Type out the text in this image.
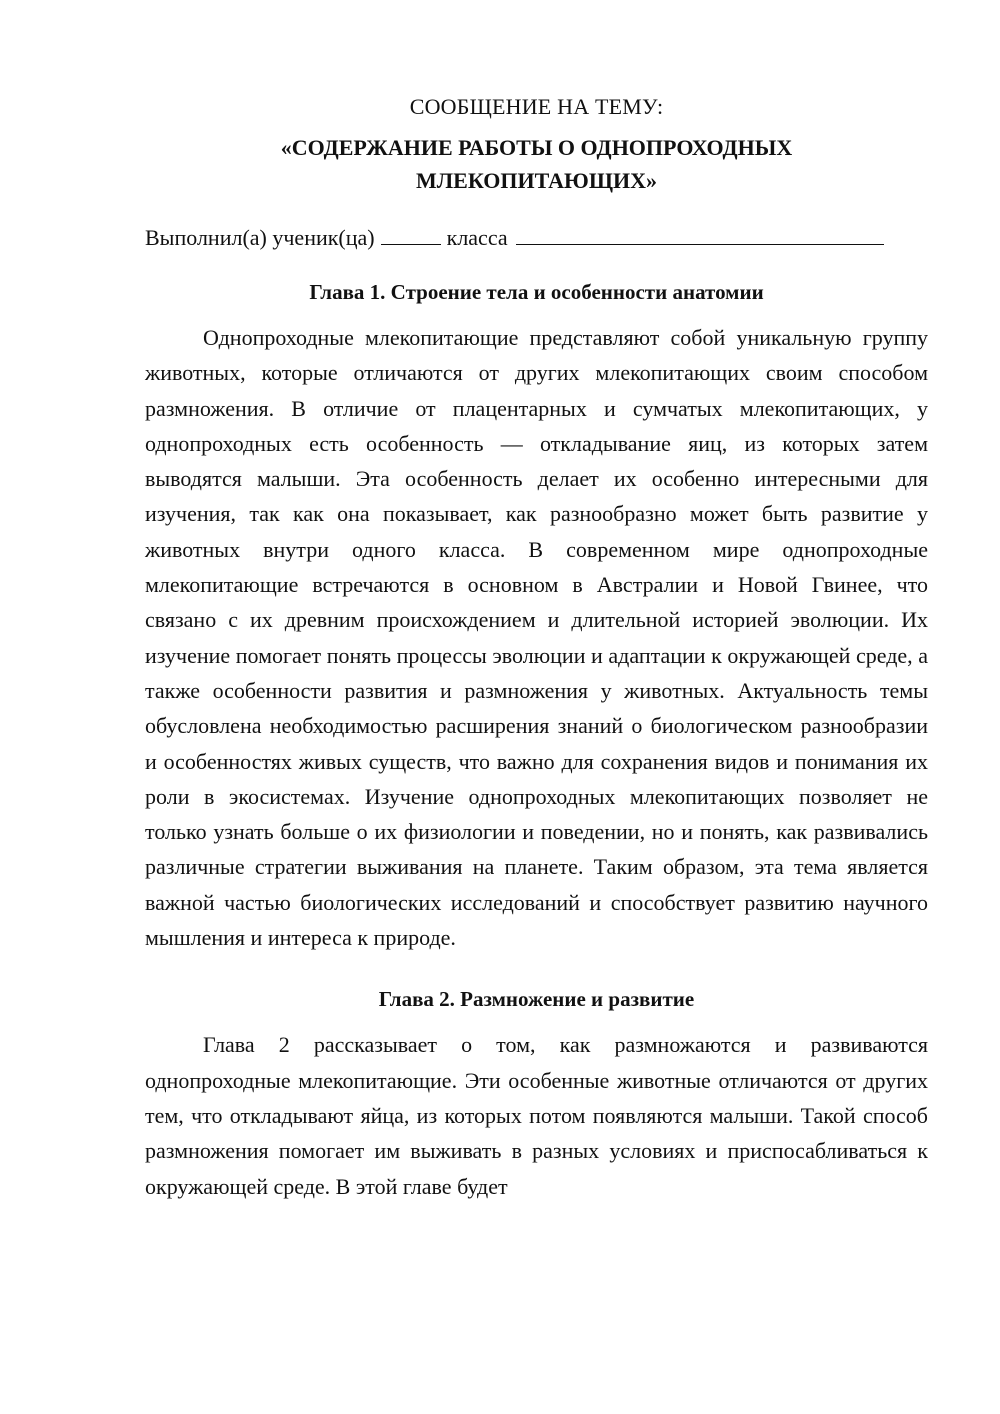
СООБЩЕНИЕ НА ТЕМУ:

«СОДЕРЖАНИЕ РАБОТЫ О ОДНОПРОХОДНЫХ МЛЕКОПИТАЮЩИХ»

Выполнил(а) ученик(ца)	класса
Глава 1. Строение тела и особенности анатомии

Однопроходные млекопитающие представляют собой уникальную группу животных, которые отличаются от других млекопитающих своим способом размножения. В отличие от плацентарных и сумчатых млекопитающих, у однопроходных есть особенность — откладывание яиц, из которых затем выводятся малыши. Эта особенность делает их особенно интересными для изучения, так как она показывает, как разнообразно может быть развитие у животных внутри одного класса. В современном мире однопроходные млекопитающие встречаются в основном в Австралии и Новой Гвинее, что связано с их древним происхождением и длительной историей эволюции. Их изучение помогает понять процессы эволюции и адаптации к окружающей среде, а также особенности развития и размножения у животных. Актуальность темы обусловлена необходимостью расширения знаний о биологическом разнообразии и особенностях живых существ, что важно для сохранения видов и понимания их роли в экосистемах. Изучение однопроходных млекопитающих позволяет не только узнать больше о их физиологии и поведении, но и понять, как развивались различные стратегии выживания на планете. Таким образом, эта тема является важной частью биологических исследований и способствует развитию научного мышления и интереса к природе.

Глава 2. Размножение и развитие

Глава 2 рассказывает о том, как размножаются и развиваются однопроходные млекопитающие. Эти особенные животные отличаются от других тем, что откладывают яйца, из которых потом появляются малыши. Такой способ размножения помогает им выживать в разных условиях и приспосабливаться к окружающей среде. В этой главе будет
